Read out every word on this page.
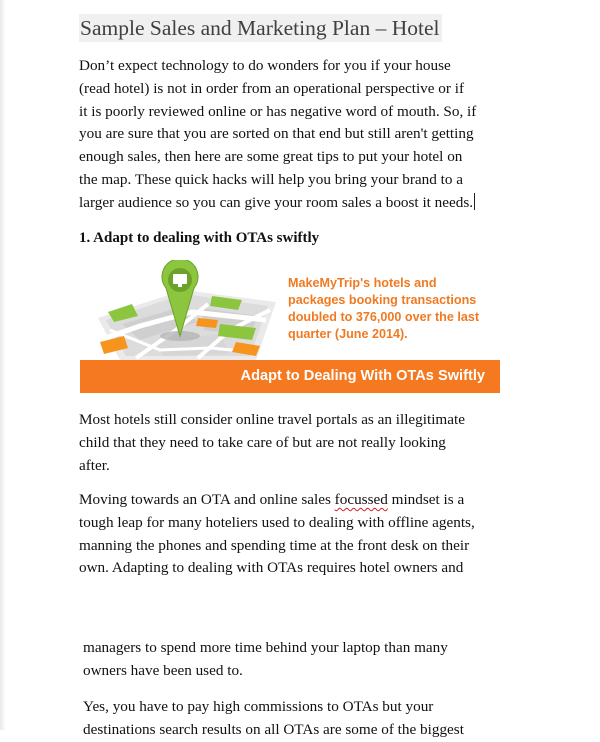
Sample Sales and Marketing Plan – Hotel
Don’t expect technology to do wonders for you if your house
(read hotel) is not in order from an operational perspective or if
it is poorly reviewed online or has negative word of mouth. So, if
you are sure that you are sorted on that end but still aren't getting
enough sales, then here are some great tips to put your hotel on
the map. These quick hacks will help you bring your brand to a
larger audience so you can give your room sales a boost it needs.
1. Adapt to dealing with OTAs swiftly
MakeMyTrip's hotels and
packages booking transactions
doubled to 376,000 over the last
quarter (June 2014).
Adapt to Dealing With OTAs Swiftly
Most hotels still consider online travel portals as an illegitimate
child that they need to take care of but are not really looking
after.
Moving towards an OTA and online sales focussed mindset is a
tough leap for many hoteliers used to dealing with offline agents,
manning the phones and spending time at the front desk on their
own. Adapting to dealing with OTAs requires hotel owners and
managers to spend more time behind your laptop than many
owners have been used to.
Yes, you have to pay high commissions to OTAs but your
destinations search results on all OTAs are some of the biggest
